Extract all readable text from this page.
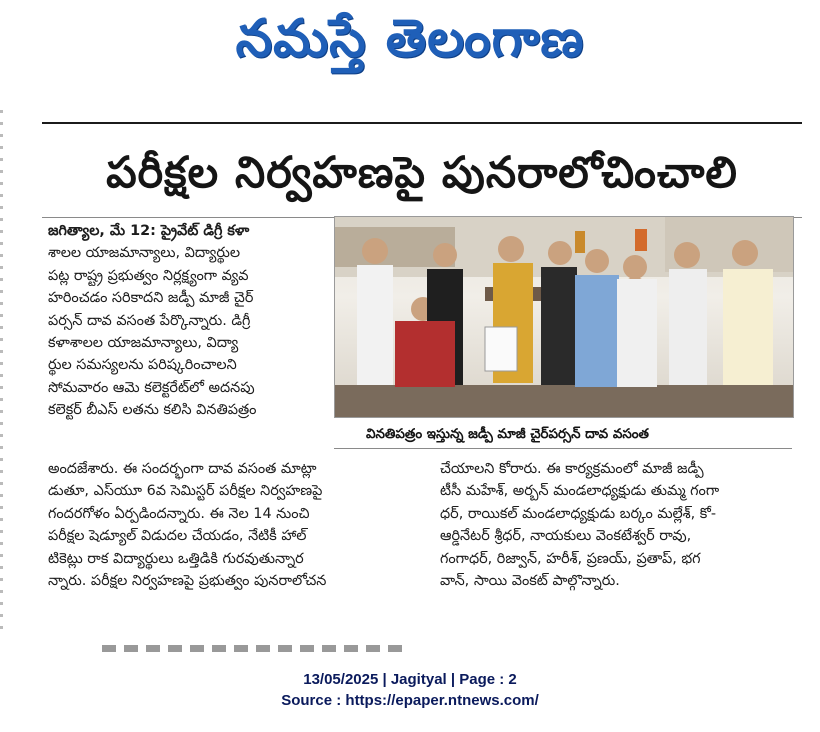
నమస్తే తెలంగాణ
పరీక్షల నిర్వహణపై పునరాలోచించాలి
జగిత్యాల, మే 12: ప్రైవేట్ డిగ్రీ కళా
శాలల యాజమాన్యాలు, విద్యార్థుల
పట్ల రాష్ట్ర ప్రభుత్వం నిర్లక్ష్యంగా వ్యవ
హరించడం సరికాదని జడ్పీ మాజీ చైర్
పర్సన్ దావ వసంత పేర్కొన్నారు. డిగ్రీ
కళాశాలల యాజమాన్యాలు, విద్యా
ర్థుల సమస్యలను పరిష్కరించాలని
సోమవారం ఆమె కలెక్టరేట్‌లో అదనపు
కలెక్టర్ బీఎస్ లతను కలిసి వినతిపత్రం
వినతిపత్రం ఇస్తున్న జడ్పీ మాజీ చైర్‌పర్సన్ దావ వసంత
అందజేశారు. ఈ సందర్భంగా దావ వసంత మాట్లా
డుతూ, ఎస్‌యూ 6వ సెమిస్టర్ పరీక్షల నిర్వహణపై
గందరగోళం ఏర్పడిందన్నారు. ఈ నెల 14 నుంచి
పరీక్షల షెడ్యూల్ విడుదల చేయడం, నేటికీ హాల్
టికెట్లు రాక విద్యార్థులు ఒత్తిడికి గురవుతున్నార
న్నారు. పరీక్షల నిర్వహణపై ప్రభుత్వం పునరాలోచన
చేయాలని కోరారు. ఈ కార్యక్రమంలో మాజీ జడ్పీ
టీసీ మహేశ్, అర్బన్ మండలాధ్యక్షుడు తుమ్మ గంగా
ధర్, రాయికల్ మండలాధ్యక్షుడు బర్కం మల్లేశ్, కో-
ఆర్డినేటర్ శ్రీధర్, నాయకులు వెంకటేశ్వర్ రావు,
గంగాధర్, రిజ్వాన్, హరీశ్, ప్రణయ్, ప్రతాప్, భగ
వాన్, సాయి వెంకట్ పాల్గొన్నారు.
13/05/2025 | Jagityal | Page : 2
Source : https://epaper.ntnews.com/
